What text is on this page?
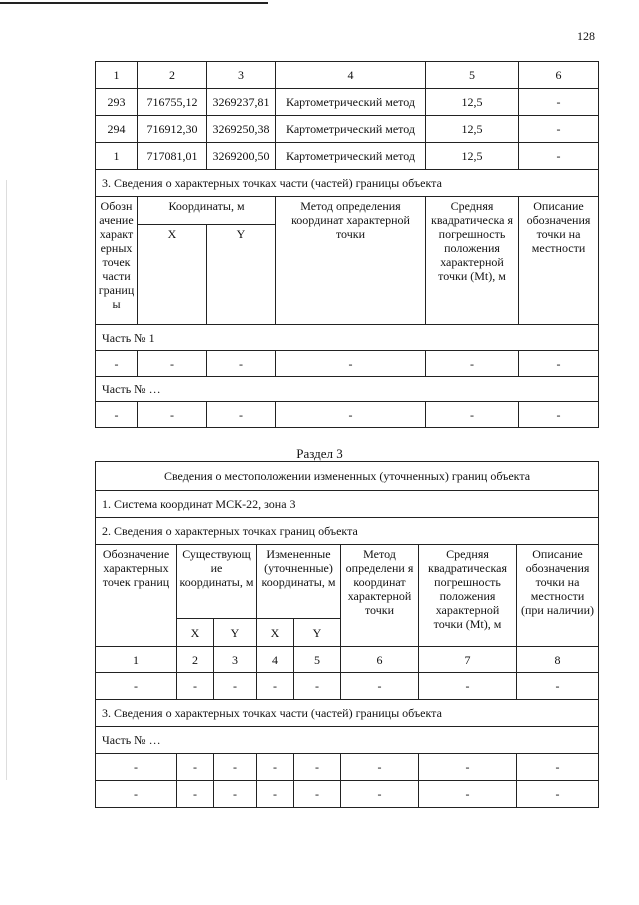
128
1	2	3	4	5	6
293	716755,12	3269237,81	Картометрический метод	12,5	-
294	716912,30	3269250,38	Картометрический метод	12,5	-
1	717081,01	3269200,50	Картометрический метод	12,5	-
3. Сведения о характерных точках части (частей) границы объекта					
Обозн ачение характ ерных точек части границ ы	Координаты, м		Метод определения координат характерной точки	Средняя квадратическа я погрешность положения характерной точки (Mt), м	Описание обозначения точки на местности
	X	Y			
Часть № 1					
-	-	-	-	-	-
Часть № …					
-	-	-	-	-	-
Раздел 3
Сведения о местоположении измененных (уточненных) границ объекта							
1. Система координат МСК-22, зона 3							
2. Сведения о характерных точках границ объекта							
Обозначение характерных точек границ	Существующ ие координаты, м		Измененные (уточненные) координаты, м		Метод определени я координат характерной точки	Средняя квадратическая погрешность положения характерной точки (Mt), м	Описание обозначения точки на местности (при наличии)
	X	Y	X	Y			
1	2	3	4	5	6	7	8
-	-	-	-	-	-	-	-
3. Сведения о характерных точках части (частей) границы объекта							
Часть № …							
-	-	-	-	-	-	-	-
-	-	-	-	-	-	-	-
